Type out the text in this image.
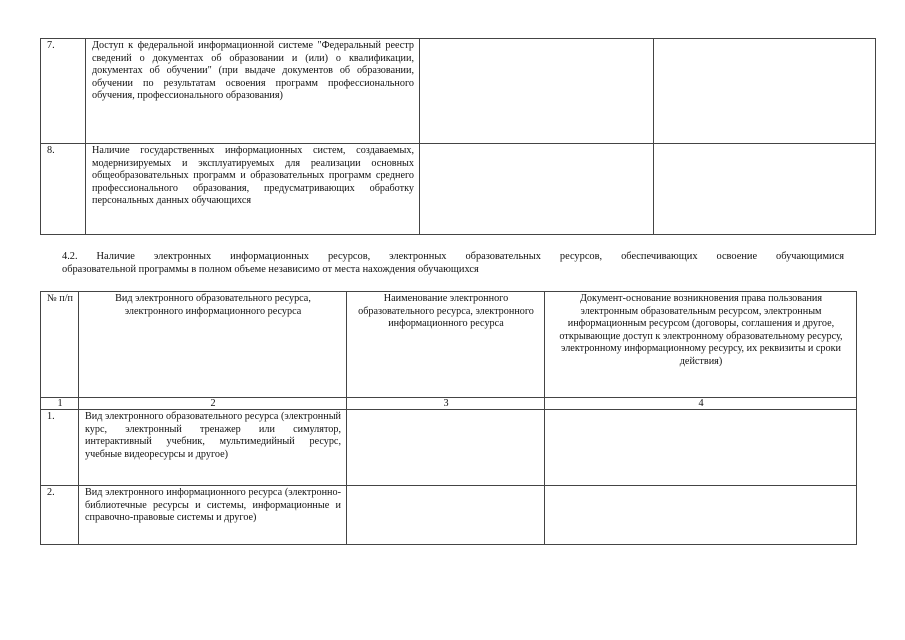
7.	Доступ к федеральной информационной системе "Федеральный реестр сведений о документах об образовании и (или) о квалификации, документах об обучении" (при выдаче документов об образовании, обучении по результатам освоения программ профессионального обучения, профессионального образования)		
8.	Наличие государственных информационных систем, создаваемых, модернизируемых и эксплуатируемых для реализации основных общеобразовательных программ и образовательных программ среднего профессионального образования, предусматривающих обработку персональных данных обучающихся		
4.2. Наличие электронных информационных ресурсов, электронных образовательных ресурсов, обеспечивающих освоение обучающимися
образовательной программы в полном объеме независимо от места нахождения обучающихся
№ п/п	Вид электронного образовательного ресурса, электронного информационного ресурса	Наименование электронного образовательного ресурса, электронного информационного ресурса	Документ-основание возникновения права пользования электронным образовательным ресурсом, электронным информационным ресурсом (договоры, соглашения и другое, открывающие доступ к электронному образовательному ресурсу, электронному информационному ресурсу, их реквизиты и сроки действия)
1	2	3	4
1.	Вид электронного образовательного ресурса (электронный курс, электронный тренажер или симулятор, интерактивный учебник, мультимедийный ресурс, учебные видеоресурсы и другое)		
2.	Вид электронного информационного ресурса (электронно-библиотечные ресурсы и системы, информационные и справочно-правовые системы и другое)		
